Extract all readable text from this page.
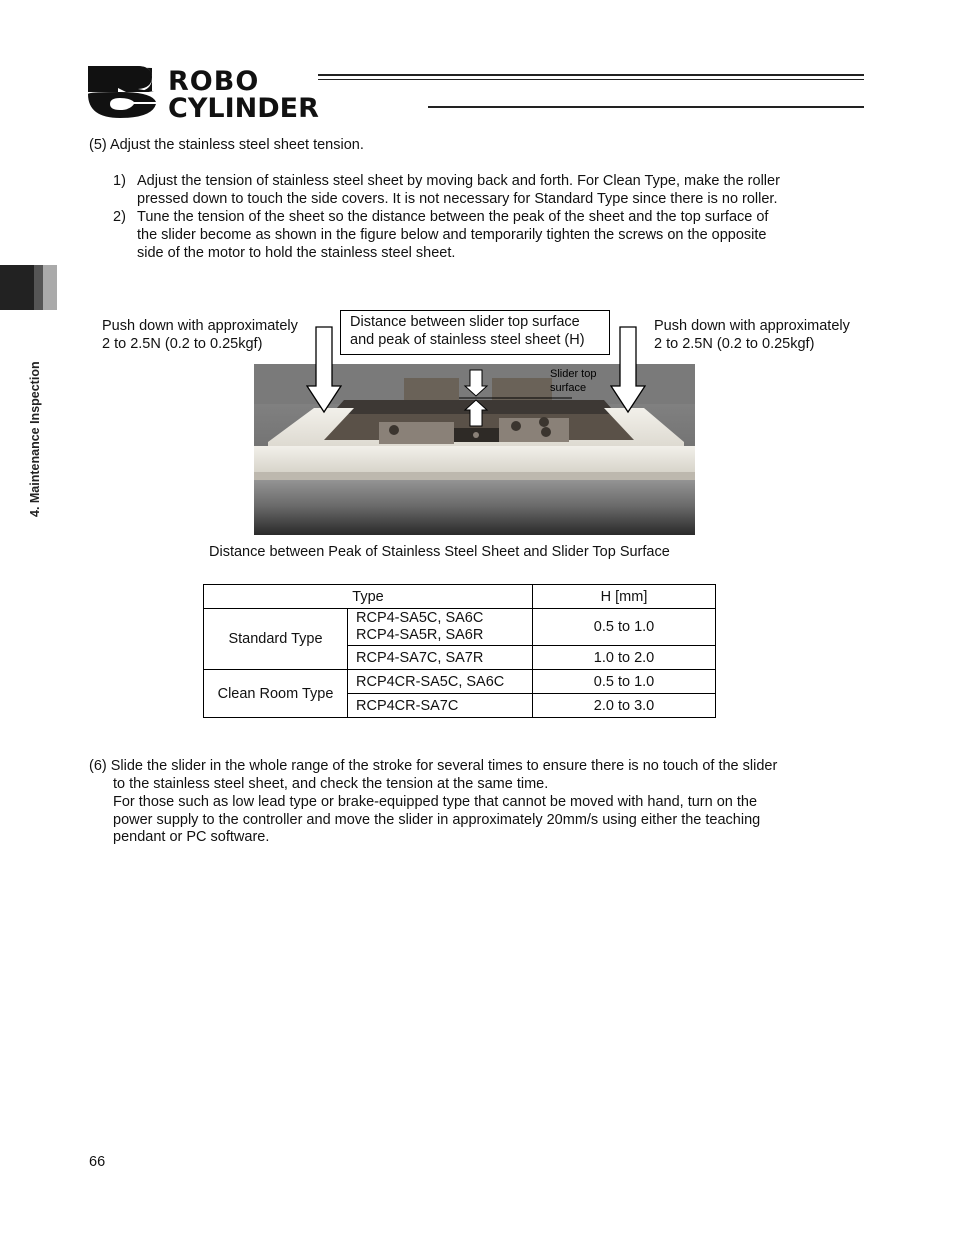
ROBO
CYLINDER
4. Maintenance Inspection
(5) Adjust the stainless steel sheet tension.
1) Adjust the tension of stainless steel sheet by moving back and forth. For Clean Type, make the roller
pressed down to touch the side covers. It is not necessary for Standard Type since there is no roller.
2) Tune the tension of the sheet so the distance between the peak of the sheet and the top surface of
the slider become as shown in the figure below and temporarily tighten the screws on the opposite
side of the motor to hold the stainless steel sheet.
Push down with approximately
2 to 2.5N (0.2 to 0.25kgf)
Push down with approximately
2 to 2.5N (0.2 to 0.25kgf)
Distance between slider top surface
and peak of stainless steel sheet (H)
Slider top
surface
Distance between Peak of Stainless Steel Sheet and Slider Top Surface
Type		H [mm]
Standard Type	RCP4-SA5C, SA6C
RCP4-SA5R, SA6R	0.5 to 1.0
	RCP4-SA7C, SA7R	1.0 to 2.0
Clean Room Type	RCP4CR-SA5C, SA6C	0.5 to 1.0
	RCP4CR-SA7C	2.0 to 3.0
(6) Slide the slider in the whole range of the stroke for several times to ensure there is no touch of the slider
to the stainless steel sheet, and check the tension at the same time.
For those such as low lead type or brake-equipped type that cannot be moved with hand, turn on the
power supply to the controller and move the slider in approximately 20mm/s using either the teaching
pendant or PC software.
66
